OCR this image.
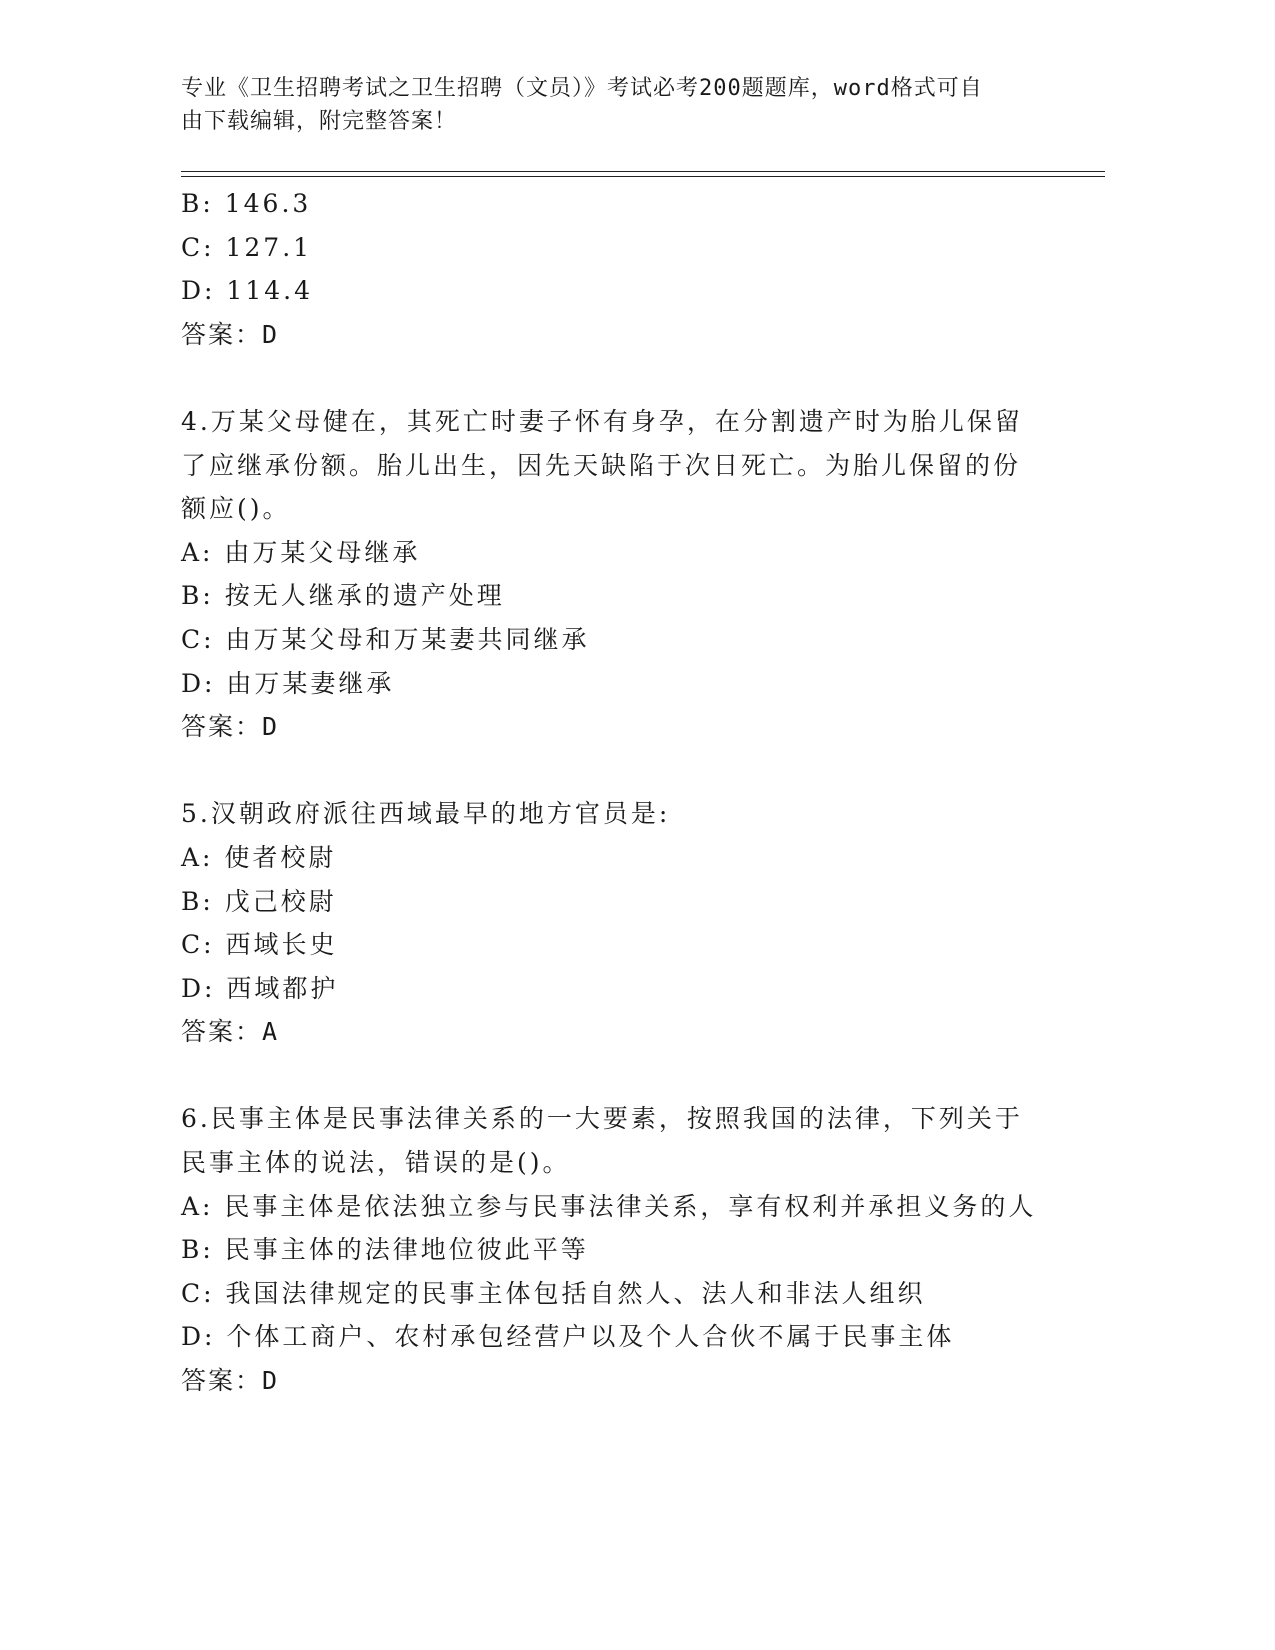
专业《卫生招聘考试之卫生招聘（文员）》考试必考200题题库，word格式可自
由下载编辑，附完整答案！
B: 146.3
C: 127.1
D: 114.4
答案：D
4.万某父母健在，其死亡时妻子怀有身孕，在分割遗产时为胎儿保留
了应继承份额。胎儿出生，因先天缺陷于次日死亡。为胎儿保留的份
额应()。
A: 由万某父母继承
B: 按无人继承的遗产处理
C: 由万某父母和万某妻共同继承
D: 由万某妻继承
答案：D
5.汉朝政府派往西域最早的地方官员是:
A: 使者校尉
B: 戊己校尉
C: 西域长史
D: 西域都护
答案：A
6.民事主体是民事法律关系的一大要素，按照我国的法律，下列关于
民事主体的说法，错误的是()。
A: 民事主体是依法独立参与民事法律关系，享有权利并承担义务的人
B: 民事主体的法律地位彼此平等
C: 我国法律规定的民事主体包括自然人、法人和非法人组织
D: 个体工商户、农村承包经营户以及个人合伙不属于民事主体
答案：D
